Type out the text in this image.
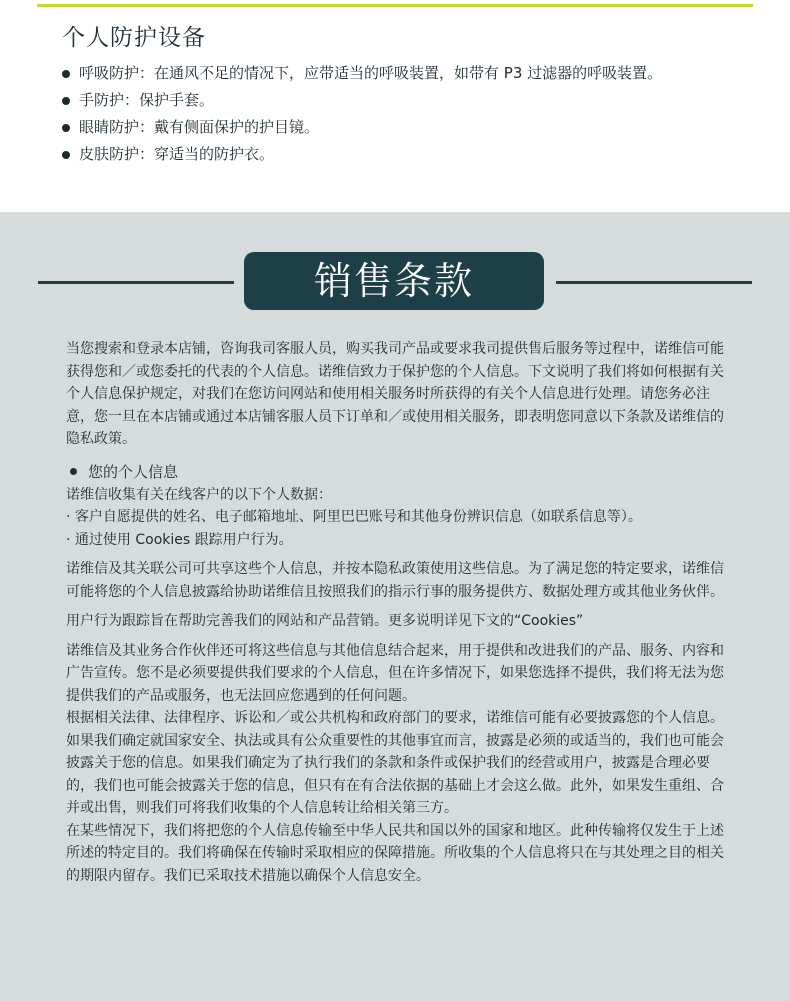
个人防护设备
呼吸防护：在通风不足的情况下，应带适当的呼吸装置，如带有 P3 过滤器的呼吸装置。
手防护：保护手套。
眼睛防护：戴有侧面保护的护目镜。
皮肤防护：穿适当的防护衣。
销售条款

当您搜索和登录本店铺，咨询我司客服人员，购买我司产品或要求我司提供售后服务等过程中，诺维信可能获得您和／或您委托的代表的个人信息。诺维信致力于保护您的个人信息。下文说明了我们将如何根据有关个人信息保护规定，对我们在您访问网站和使用相关服务时所获得的有关个人信息进行处理。请您务必注意，您一旦在本店铺或通过本店铺客服人员下订单和／或使用相关服务，即表明您同意以下条款及诺维信的隐私政策。

您的个人信息

诺维信收集有关在线客户的以下个人数据：

· 客户自愿提供的姓名、电子邮箱地址、阿里巴巴账号和其他身份辨识信息（如联系信息等）。

· 通过使用 Cookies 跟踪用户行为。

诺维信及其关联公司可共享这些个人信息，并按本隐私政策使用这些信息。为了满足您的特定要求，诺维信可能将您的个人信息披露给协助诺维信且按照我们的指示行事的服务提供方、数据处理方或其他业务伙伴。

用户行为跟踪旨在帮助完善我们的网站和产品营销。更多说明详见下文的“Cookies”

诺维信及其业务合作伙伴还可将这些信息与其他信息结合起来，用于提供和改进我们的产品、服务、内容和广告宣传。您不是必须要提供我们要求的个人信息，但在许多情况下，如果您选择不提供，我们将无法为您提供我们的产品或服务，也无法回应您遇到的任何问题。

根据相关法律、法律程序、诉讼和／或公共机构和政府部门的要求，诺维信可能有必要披露您的个人信息。如果我们确定就国家安全、执法或具有公众重要性的其他事宜而言，披露是必须的或适当的，我们也可能会披露关于您的信息。如果我们确定为了执行我们的条款和条件或保护我们的经营或用户，披露是合理必要的，我们也可能会披露关于您的信息，但只有在有合法依据的基础上才会这么做。此外，如果发生重组、合并或出售，则我们可将我们收集的个人信息转让给相关第三方。

在某些情况下，我们将把您的个人信息传输至中华人民共和国以外的国家和地区。此种传输将仅发生于上述所述的特定目的。我们将确保在传输时采取相应的保障措施。所收集的个人信息将只在与其处理之目的相关的期限内留存。我们已采取技术措施以确保个人信息安全。
